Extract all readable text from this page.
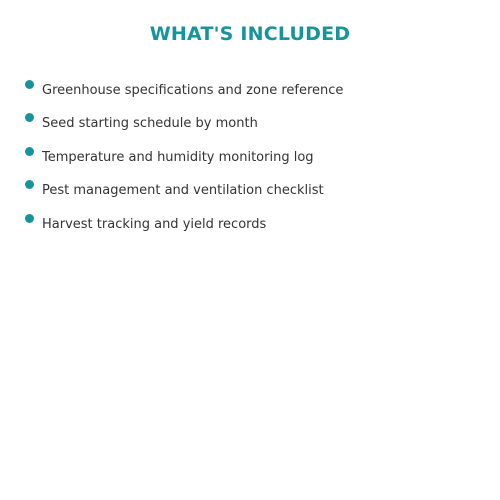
WHAT'S INCLUDED
Greenhouse specifications and zone reference
Seed starting schedule by month
Temperature and humidity monitoring log
Pest management and ventilation checklist
Harvest tracking and yield records
